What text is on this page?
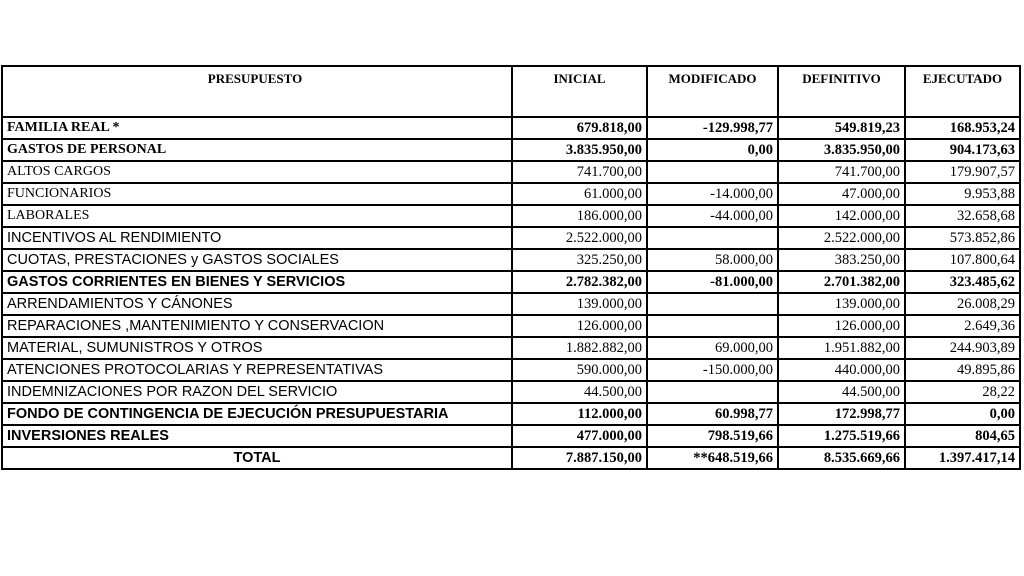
PRESUPUESTO	INICIAL	MODIFICADO	DEFINITIVO	EJECUTADO
FAMILIA REAL *	679.818,00	-129.998,77	549.819,23	168.953,24
GASTOS DE PERSONAL	3.835.950,00	0,00	3.835.950,00	904.173,63
ALTOS CARGOS	741.700,00		741.700,00	179.907,57
FUNCIONARIOS	61.000,00	-14.000,00	47.000,00	9.953,88
LABORALES	186.000,00	-44.000,00	142.000,00	32.658,68
INCENTIVOS AL RENDIMIENTO	2.522.000,00		2.522.000,00	573.852,86
CUOTAS, PRESTACIONES y GASTOS SOCIALES	325.250,00	58.000,00	383.250,00	107.800,64
GASTOS CORRIENTES EN BIENES Y SERVICIOS	2.782.382,00	-81.000,00	2.701.382,00	323.485,62
ARRENDAMIENTOS Y CÁNONES	139.000,00		139.000,00	26.008,29
REPARACIONES ,MANTENIMIENTO Y CONSERVACION	126.000,00		126.000,00	2.649,36
MATERIAL, SUMUNISTROS Y OTROS	1.882.882,00	69.000,00	1.951.882,00	244.903,89
ATENCIONES PROTOCOLARIAS Y REPRESENTATIVAS	590.000,00	-150.000,00	440.000,00	49.895,86
INDEMNIZACIONES POR RAZON DEL SERVICIO	44.500,00		44.500,00	28,22
FONDO DE CONTINGENCIA DE EJECUCIÓN PRESUPUESTARIA	112.000,00	60.998,77	172.998,77	0,00
INVERSIONES REALES	477.000,00	798.519,66	1.275.519,66	804,65
TOTAL	7.887.150,00	**648.519,66	8.535.669,66	1.397.417,14
